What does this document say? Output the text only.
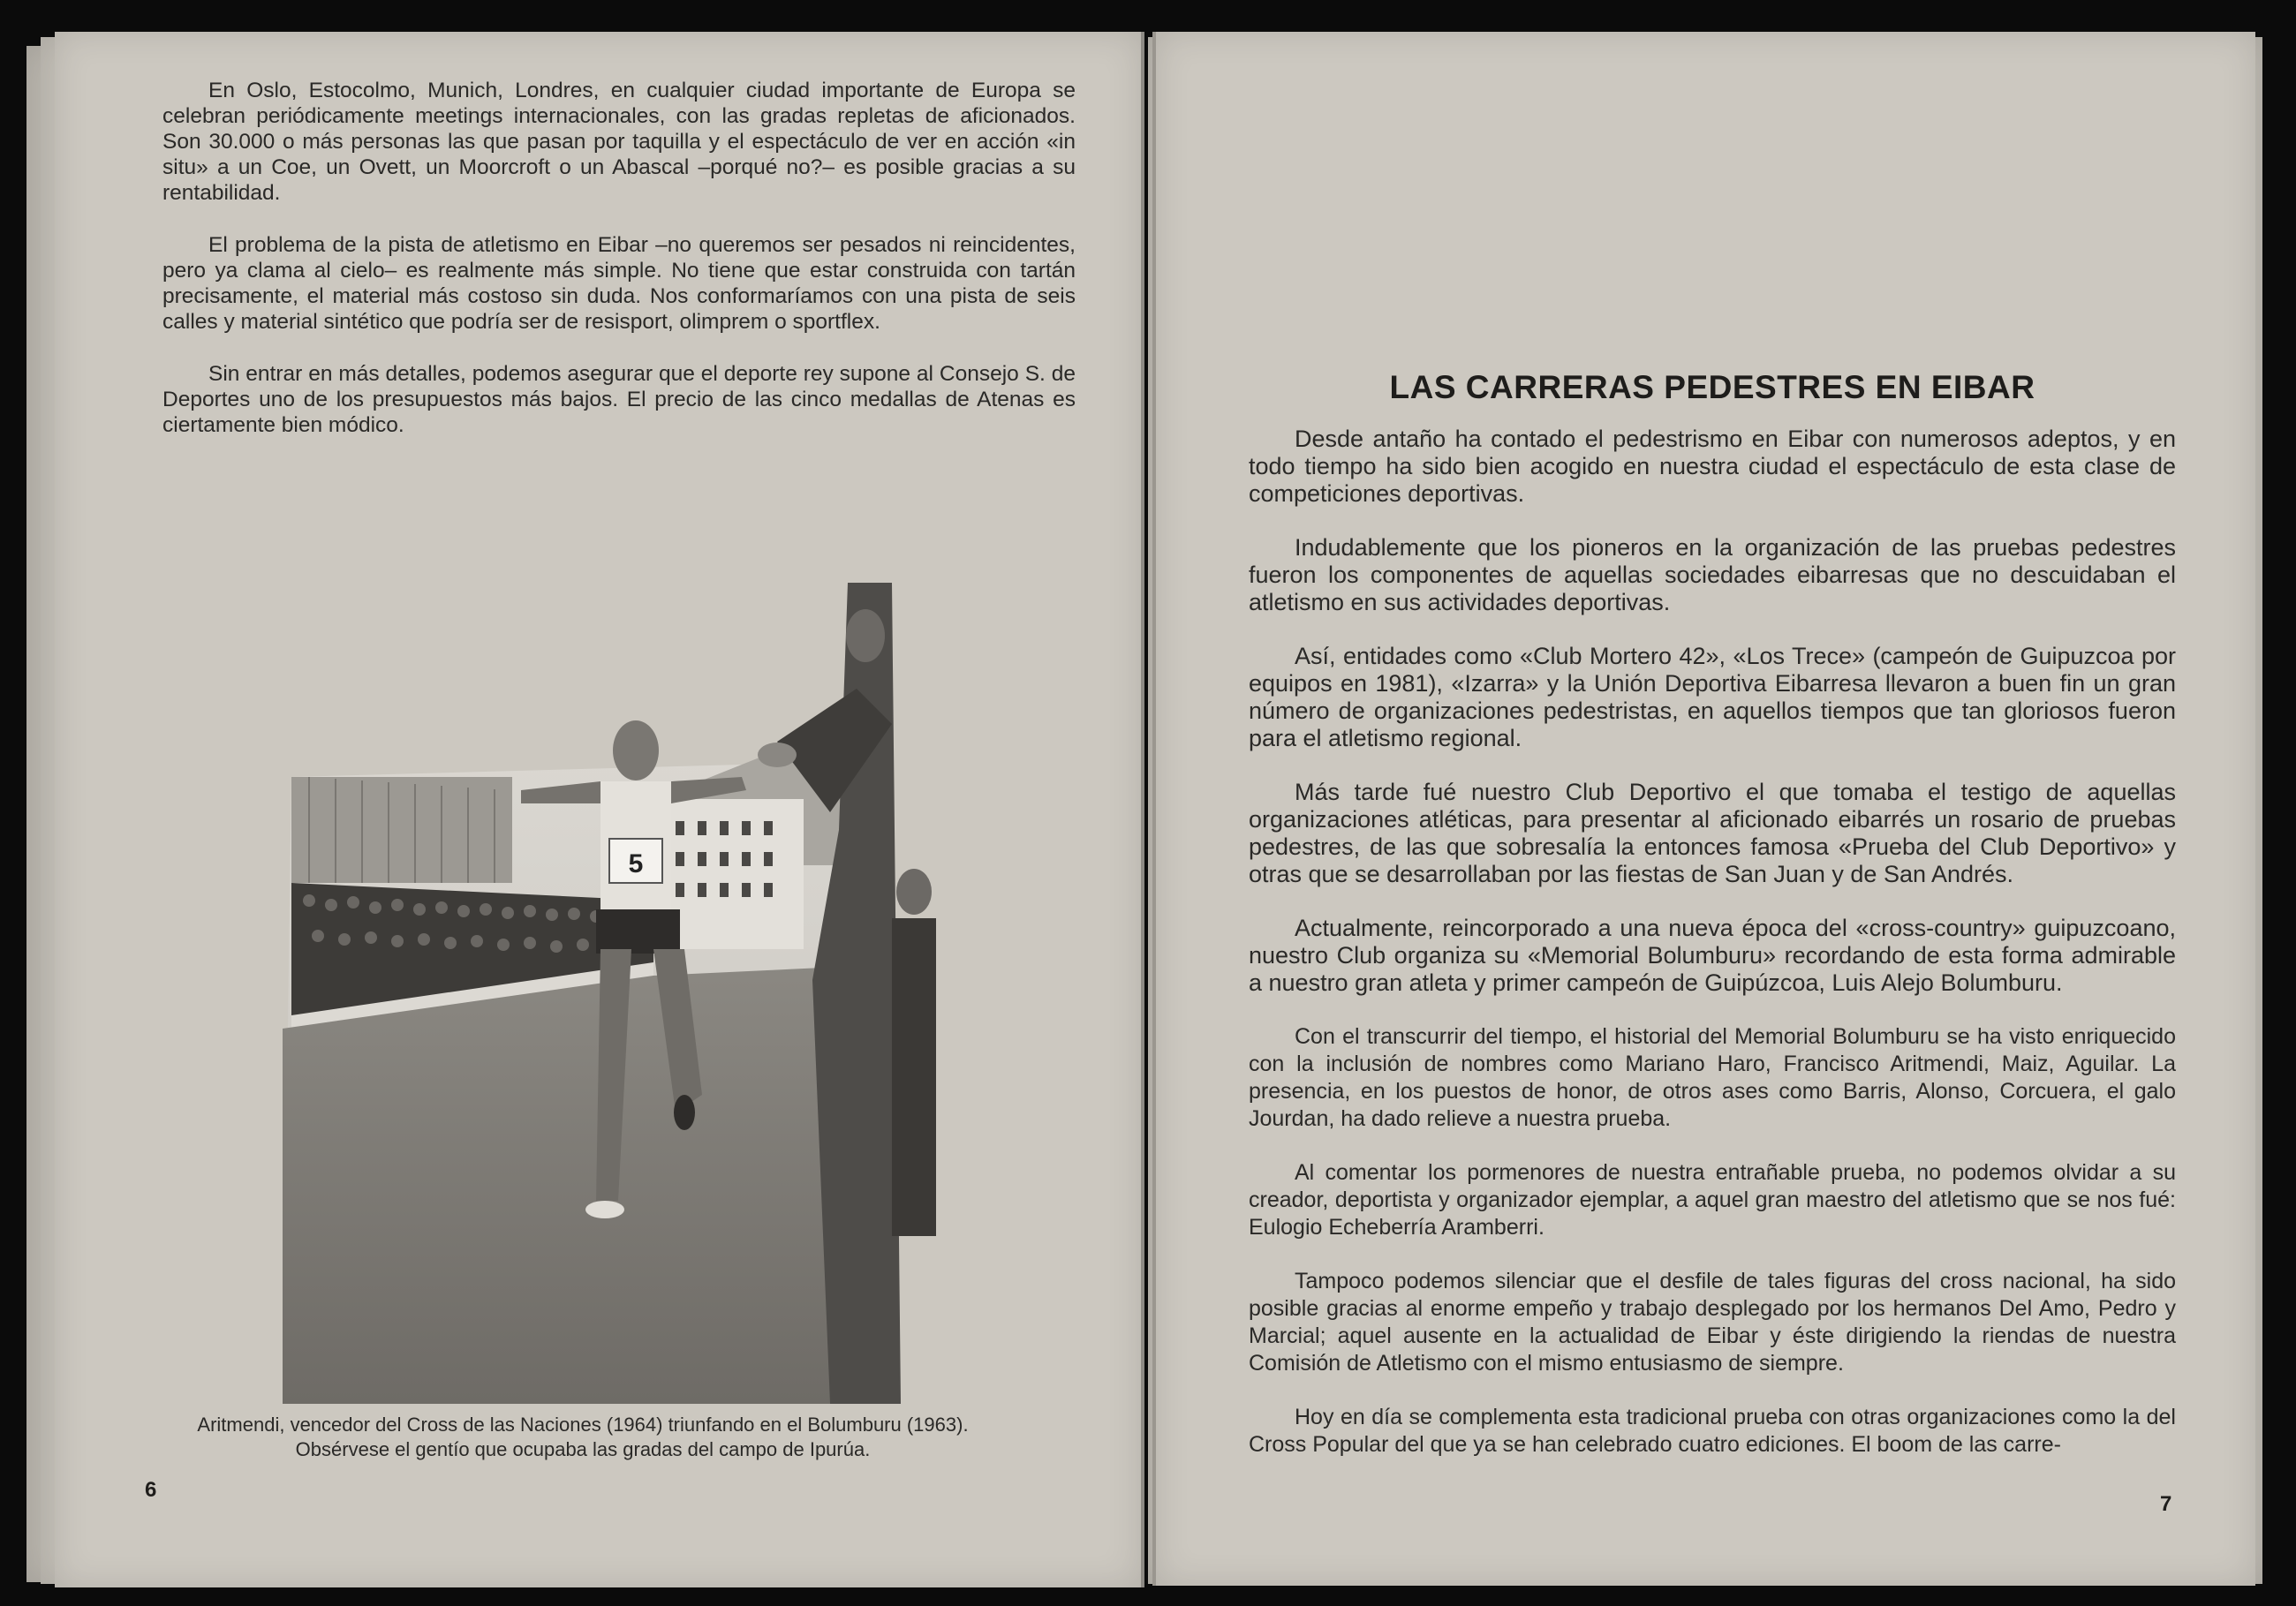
En Oslo, Estocolmo, Munich, Londres, en cualquier ciudad importante de Europa se celebran periódicamente meetings internacionales, con las gradas repletas de aficionados. Son 30.000 o más personas las que pasan por taquilla y el espectáculo de ver en acción «in situ» a un Coe, un Ovett, un Moorcroft o un Abascal –porqué no?– es posible gracias a su rentabilidad.

El problema de la pista de atletismo en Eibar –no queremos ser pesados ni reincidentes, pero ya clama al cielo– es realmente más simple. No tiene que estar construida con tartán precisamente, el material más costoso sin duda. Nos conformaríamos con una pista de seis calles y material sintético que podría ser de resisport, olimprem o sportflex.

Sin entrar en más detalles, podemos asegurar que el deporte rey supone al Consejo S. de Deportes uno de los presupuestos más bajos. El precio de las cinco medallas de Atenas es ciertamente bien módico.

5
Aritmendi, vencedor del Cross de las Naciones (1964) triunfando en el Bolumburu (1963).
Obsérvese el gentío que ocupaba las gradas del campo de Ipurúa.
6
LAS CARRERAS PEDESTRES EN EIBAR

Desde antaño ha contado el pedestrismo en Eibar con numerosos adeptos, y en todo tiempo ha sido bien acogido en nuestra ciudad el espectáculo de esta clase de competiciones deportivas.

Indudablemente que los pioneros en la organización de las pruebas pedestres fueron los componentes de aquellas sociedades eibarresas que no descuidaban el atletismo en sus actividades deportivas.

Así, entidades como «Club Mortero 42», «Los Trece» (campeón de Guipuzcoa por equipos en 1981), «Izarra» y la Unión Deportiva Eibarresa llevaron a buen fin un gran número de organizaciones pedestristas, en aquellos tiempos que tan gloriosos fueron para el atletismo regional.

Más tarde fué nuestro Club Deportivo el que tomaba el testigo de aquellas organizaciones atléticas, para presentar al aficionado eibarrés un rosario de pruebas pedestres, de las que sobresalía la entonces famosa «Prueba del Club Deportivo» y otras que se desarrollaban por las fiestas de San Juan y de San Andrés.

Actualmente, reincorporado a una nueva época del «cross-country» guipuzcoano, nuestro Club organiza su «Memorial Bolumburu» recordando de esta forma admirable a nuestro gran atleta y primer campeón de Guipúzcoa, Luis Alejo Bolumburu.

Con el transcurrir del tiempo, el historial del Memorial Bolumburu se ha visto enriquecido con la inclusión de nombres como Mariano Haro, Francisco Aritmendi, Maiz, Aguilar. La presencia, en los puestos de honor, de otros ases como Barris, Alonso, Corcuera, el galo Jourdan, ha dado relieve a nuestra prueba.

Al comentar los pormenores de nuestra entrañable prueba, no podemos olvidar a su creador, deportista y organizador ejemplar, a aquel gran maestro del atletismo que se nos fué: Eulogio Echeberría Aramberri.

Tampoco podemos silenciar que el desfile de tales figuras del cross nacional, ha sido posible gracias al enorme empeño y trabajo desplegado por los hermanos Del Amo, Pedro y Marcial; aquel ausente en la actualidad de Eibar y éste dirigiendo la riendas de nuestra Comisión de Atletismo con el mismo entusiasmo de siempre.

Hoy en día se complementa esta tradicional prueba con otras organizaciones como la del Cross Popular del que ya se han celebrado cuatro ediciones. El boom de las carre-

7
